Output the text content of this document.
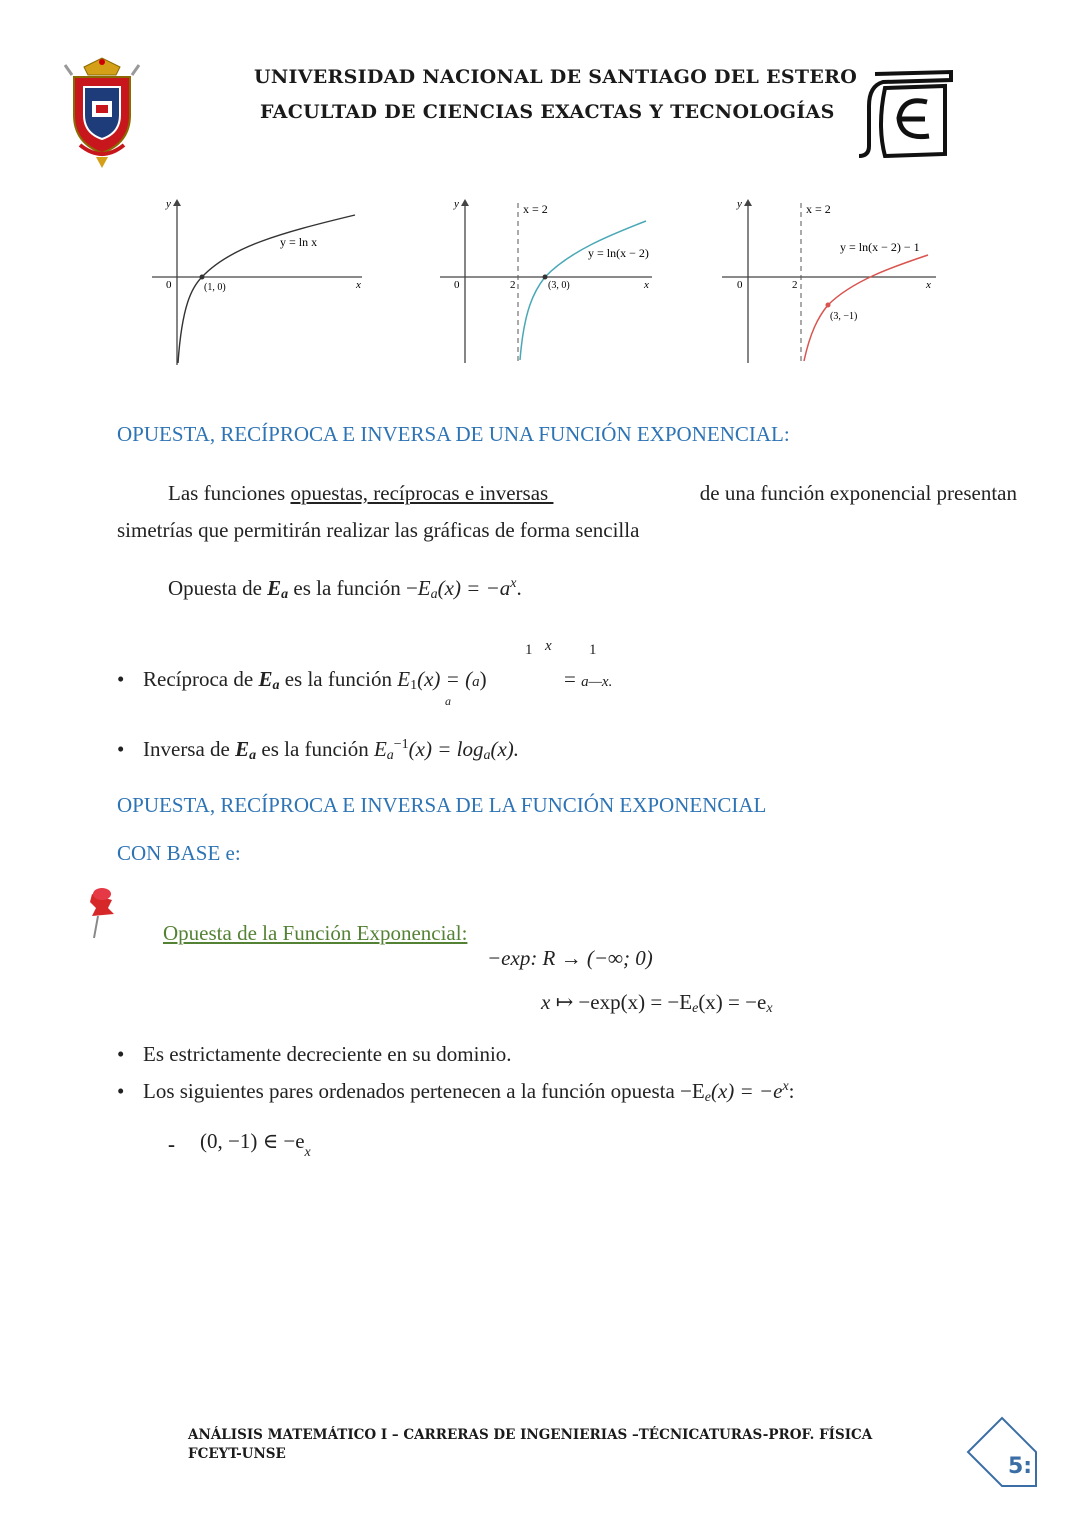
UNIVERSIDAD NACIONAL DE SANTIAGO DEL ESTERO
FACULTAD DE CIENCIAS EXACTAS Y TECNOLOGÍAS
y
x
0
y = ln x
(1, 0)
y
x
0	2
x = 2
y = ln(x − 2)
(3, 0)
y
x
0	2
x = 2
y = ln(x − 2) − 1
(3, −1)
OPUESTA, RECÍPROCA E INVERSA DE UNA FUNCIÓN EXPONENCIAL:
Las funciones opuestas, recíprocas e inversas	de una función exponencial presentan
simetrías que permitirán realizar las gráficas de forma sencilla
Opuesta de $E_a$ es la función $-E_a(x) = -a^x$.
1 x 1
• Recíproca de $E_a$ es la función $E_1(x) = (a)$	= a—x.
a
• Inversa de $E_a$ es la función $E_a^{-1}(x) = \log_a(x)$.
OPUESTA, RECÍPROCA E INVERSA DE LA FUNCIÓN EXPONENCIAL
CON BASE e:
Opuesta de la Función Exponencial:
−exp: R → (−∞; 0)
x ↦ $-\exp(x) = -E_e(x) = -e_x$
• Es estrictamente decreciente en su dominio.
• Los siguientes pares ordenados pertenecen a la función opuesta $-E_e(x) = -e^x$:
- (0, −1) ∈ $-e_x$
ANÁLISIS MATEMÁTICO I – CARRERAS DE INGENIERIAS –TÉCNICATURAS-PROF. FÍSICA
FCEYT-UNSE	5:
